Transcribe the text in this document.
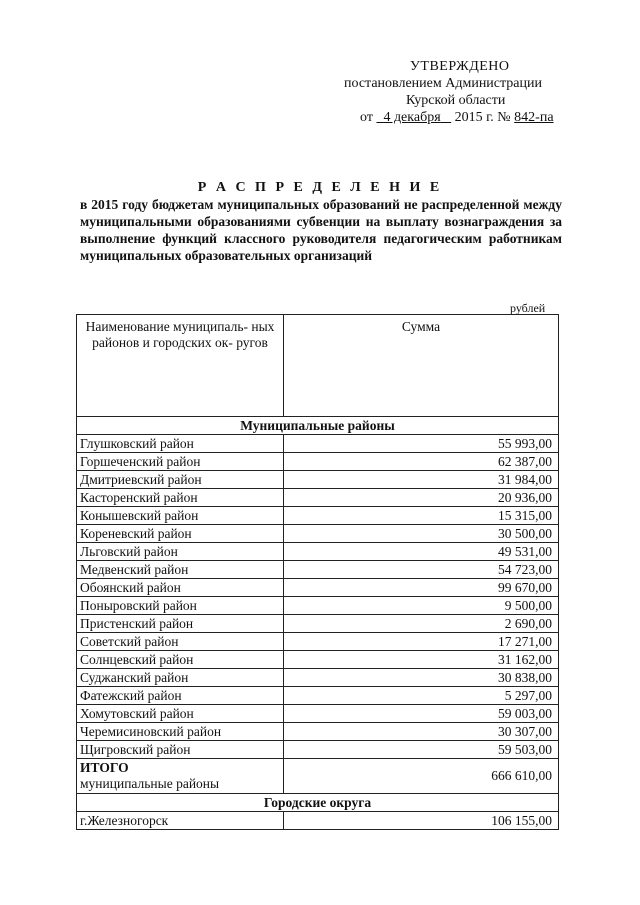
УТВЕРЖДЕНО
постановлением Администрации
Курской области
от 4 декабря 2015 г. № 842-па
Р А С П Р Е Д Е Л Е Н И Е
в 2015 году бюджетам муниципальных образований не распределенной между муниципальными образованиями субвенции на выплату вознаграждения за выполнение функций классного руководителя педагогическим работникам муниципальных образовательных организаций
рублей
Наименование муниципаль- ных районов и городских ок- ругов	Сумма
Муниципальные районы	
Глушковский район	55 993,00
Горшеченский район	62 387,00
Дмитриевский район	31 984,00
Касторенский район	20 936,00
Конышевский район	15 315,00
Кореневский район	30 500,00
Льговский район	49 531,00
Медвенский район	54 723,00
Обоянский район	99 670,00
Поныровский район	9 500,00
Пристенский район	2 690,00
Советский район	17 271,00
Солнцевский район	31 162,00
Суджанский район	30 838,00
Фатежский район	5 297,00
Хомутовский район	59 003,00
Черемисиновский район	30 307,00
Щигровский район	59 503,00

ИТОГО
муниципальные районы	666 610,00
Городские округа	
г.Железногорск	106 155,00
